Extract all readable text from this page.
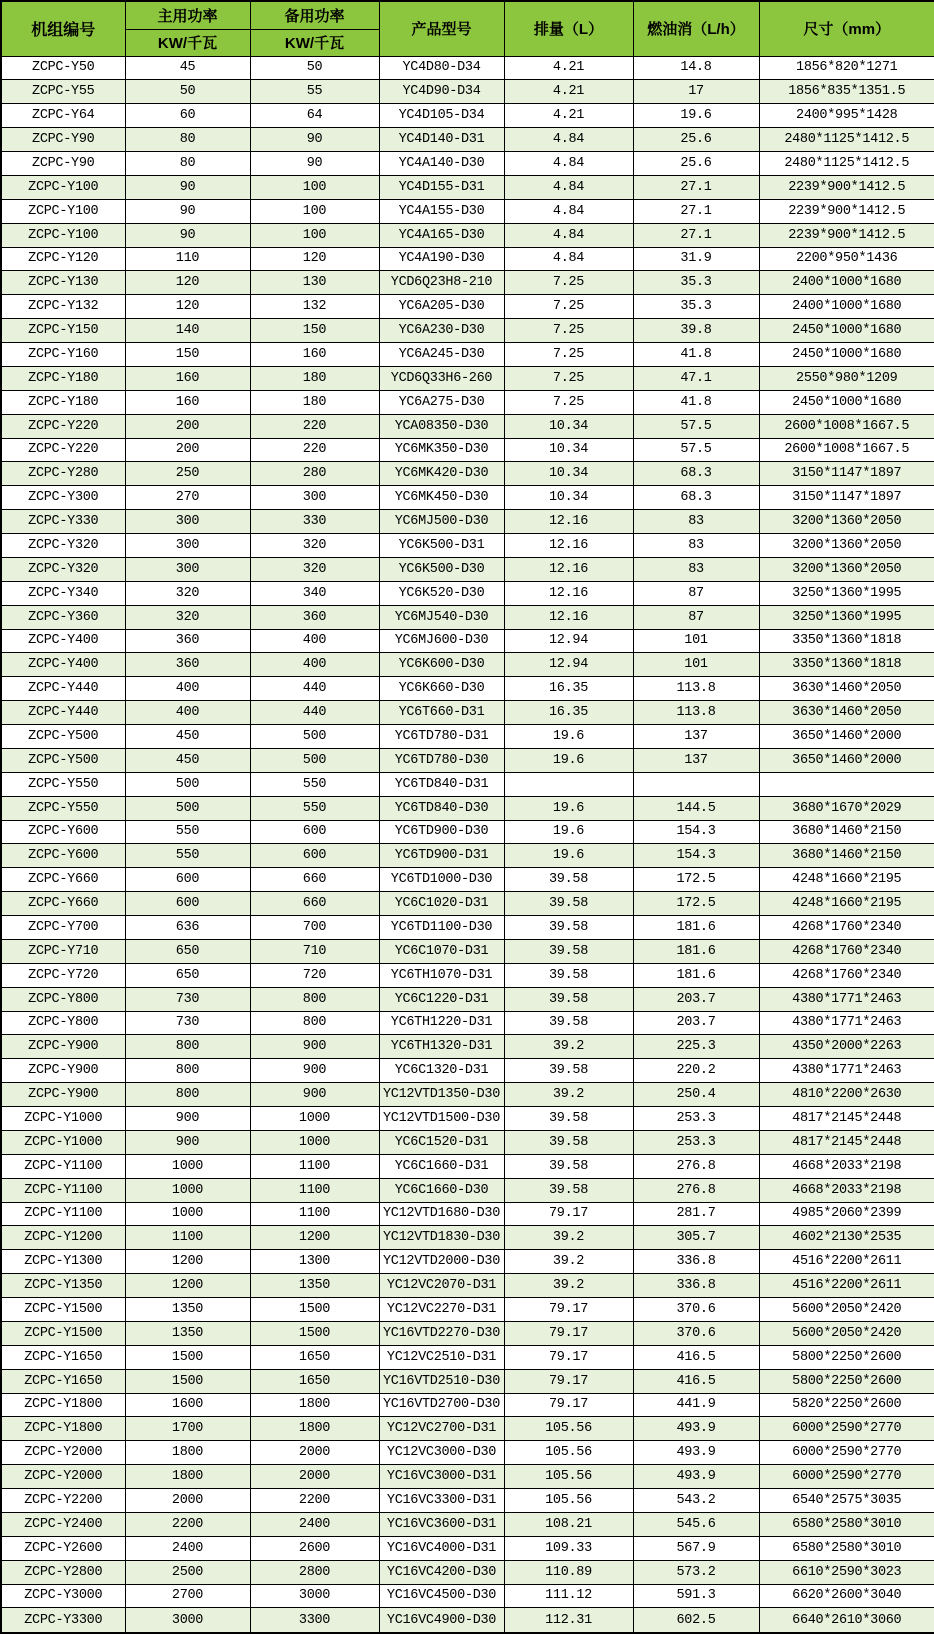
机组编号	主用功率	备用功率	产品型号	排量（L）	燃油消（L/h）	尺寸（mm）
	KW/千瓦	KW/千瓦				
ZCPC-Y50	45	50	YC4D80-D34	4.21	14.8	1856*820*1271
ZCPC-Y55	50	55	YC4D90-D34	4.21	17	1856*835*1351.5
ZCPC-Y64	60	64	YC4D105-D34	4.21	19.6	2400*995*1428
ZCPC-Y90	80	90	YC4D140-D31	4.84	25.6	2480*1125*1412.5
ZCPC-Y90	80	90	YC4A140-D30	4.84	25.6	2480*1125*1412.5
ZCPC-Y100	90	100	YC4D155-D31	4.84	27.1	2239*900*1412.5
ZCPC-Y100	90	100	YC4A155-D30	4.84	27.1	2239*900*1412.5
ZCPC-Y100	90	100	YC4A165-D30	4.84	27.1	2239*900*1412.5
ZCPC-Y120	110	120	YC4A190-D30	4.84	31.9	2200*950*1436
ZCPC-Y130	120	130	YCD6Q23H8-210	7.25	35.3	2400*1000*1680
ZCPC-Y132	120	132	YC6A205-D30	7.25	35.3	2400*1000*1680
ZCPC-Y150	140	150	YC6A230-D30	7.25	39.8	2450*1000*1680
ZCPC-Y160	150	160	YC6A245-D30	7.25	41.8	2450*1000*1680
ZCPC-Y180	160	180	YCD6Q33H6-260	7.25	47.1	2550*980*1209
ZCPC-Y180	160	180	YC6A275-D30	7.25	41.8	2450*1000*1680
ZCPC-Y220	200	220	YCA08350-D30	10.34	57.5	2600*1008*1667.5
ZCPC-Y220	200	220	YC6MK350-D30	10.34	57.5	2600*1008*1667.5
ZCPC-Y280	250	280	YC6MK420-D30	10.34	68.3	3150*1147*1897
ZCPC-Y300	270	300	YC6MK450-D30	10.34	68.3	3150*1147*1897
ZCPC-Y330	300	330	YC6MJ500-D30	12.16	83	3200*1360*2050
ZCPC-Y320	300	320	YC6K500-D31	12.16	83	3200*1360*2050
ZCPC-Y320	300	320	YC6K500-D30	12.16	83	3200*1360*2050
ZCPC-Y340	320	340	YC6K520-D30	12.16	87	3250*1360*1995
ZCPC-Y360	320	360	YC6MJ540-D30	12.16	87	3250*1360*1995
ZCPC-Y400	360	400	YC6MJ600-D30	12.94	101	3350*1360*1818
ZCPC-Y400	360	400	YC6K600-D30	12.94	101	3350*1360*1818
ZCPC-Y440	400	440	YC6K660-D30	16.35	113.8	3630*1460*2050
ZCPC-Y440	400	440	YC6T660-D31	16.35	113.8	3630*1460*2050
ZCPC-Y500	450	500	YC6TD780-D31	19.6	137	3650*1460*2000
ZCPC-Y500	450	500	YC6TD780-D30	19.6	137	3650*1460*2000
ZCPC-Y550	500	550	YC6TD840-D31			
ZCPC-Y550	500	550	YC6TD840-D30	19.6	144.5	3680*1670*2029
ZCPC-Y600	550	600	YC6TD900-D30	19.6	154.3	3680*1460*2150
ZCPC-Y600	550	600	YC6TD900-D31	19.6	154.3	3680*1460*2150
ZCPC-Y660	600	660	YC6TD1000-D30	39.58	172.5	4248*1660*2195
ZCPC-Y660	600	660	YC6C1020-D31	39.58	172.5	4248*1660*2195
ZCPC-Y700	636	700	YC6TD1100-D30	39.58	181.6	4268*1760*2340
ZCPC-Y710	650	710	YC6C1070-D31	39.58	181.6	4268*1760*2340
ZCPC-Y720	650	720	YC6TH1070-D31	39.58	181.6	4268*1760*2340
ZCPC-Y800	730	800	YC6C1220-D31	39.58	203.7	4380*1771*2463
ZCPC-Y800	730	800	YC6TH1220-D31	39.58	203.7	4380*1771*2463
ZCPC-Y900	800	900	YC6TH1320-D31	39.2	225.3	4350*2000*2263
ZCPC-Y900	800	900	YC6C1320-D31	39.58	220.2	4380*1771*2463
ZCPC-Y900	800	900	YC12VTD1350-D30	39.2	250.4	4810*2200*2630
ZCPC-Y1000	900	1000	YC12VTD1500-D30	39.58	253.3	4817*2145*2448
ZCPC-Y1000	900	1000	YC6C1520-D31	39.58	253.3	4817*2145*2448
ZCPC-Y1100	1000	1100	YC6C1660-D31	39.58	276.8	4668*2033*2198
ZCPC-Y1100	1000	1100	YC6C1660-D30	39.58	276.8	4668*2033*2198
ZCPC-Y1100	1000	1100	YC12VTD1680-D30	79.17	281.7	4985*2060*2399
ZCPC-Y1200	1100	1200	YC12VTD1830-D30	39.2	305.7	4602*2130*2535
ZCPC-Y1300	1200	1300	YC12VTD2000-D30	39.2	336.8	4516*2200*2611
ZCPC-Y1350	1200	1350	YC12VC2070-D31	39.2	336.8	4516*2200*2611
ZCPC-Y1500	1350	1500	YC12VC2270-D31	79.17	370.6	5600*2050*2420
ZCPC-Y1500	1350	1500	YC16VTD2270-D30	79.17	370.6	5600*2050*2420
ZCPC-Y1650	1500	1650	YC12VC2510-D31	79.17	416.5	5800*2250*2600
ZCPC-Y1650	1500	1650	YC16VTD2510-D30	79.17	416.5	5800*2250*2600
ZCPC-Y1800	1600	1800	YC16VTD2700-D30	79.17	441.9	5820*2250*2600
ZCPC-Y1800	1700	1800	YC12VC2700-D31	105.56	493.9	6000*2590*2770
ZCPC-Y2000	1800	2000	YC12VC3000-D30	105.56	493.9	6000*2590*2770
ZCPC-Y2000	1800	2000	YC16VC3000-D31	105.56	493.9	6000*2590*2770
ZCPC-Y2200	2000	2200	YC16VC3300-D31	105.56	543.2	6540*2575*3035
ZCPC-Y2400	2200	2400	YC16VC3600-D31	108.21	545.6	6580*2580*3010
ZCPC-Y2600	2400	2600	YC16VC4000-D31	109.33	567.9	6580*2580*3010
ZCPC-Y2800	2500	2800	YC16VC4200-D30	110.89	573.2	6610*2590*3023
ZCPC-Y3000	2700	3000	YC16VC4500-D30	111.12	591.3	6620*2600*3040
ZCPC-Y3300	3000	3300	YC16VC4900-D30	112.31	602.5	6640*2610*3060
